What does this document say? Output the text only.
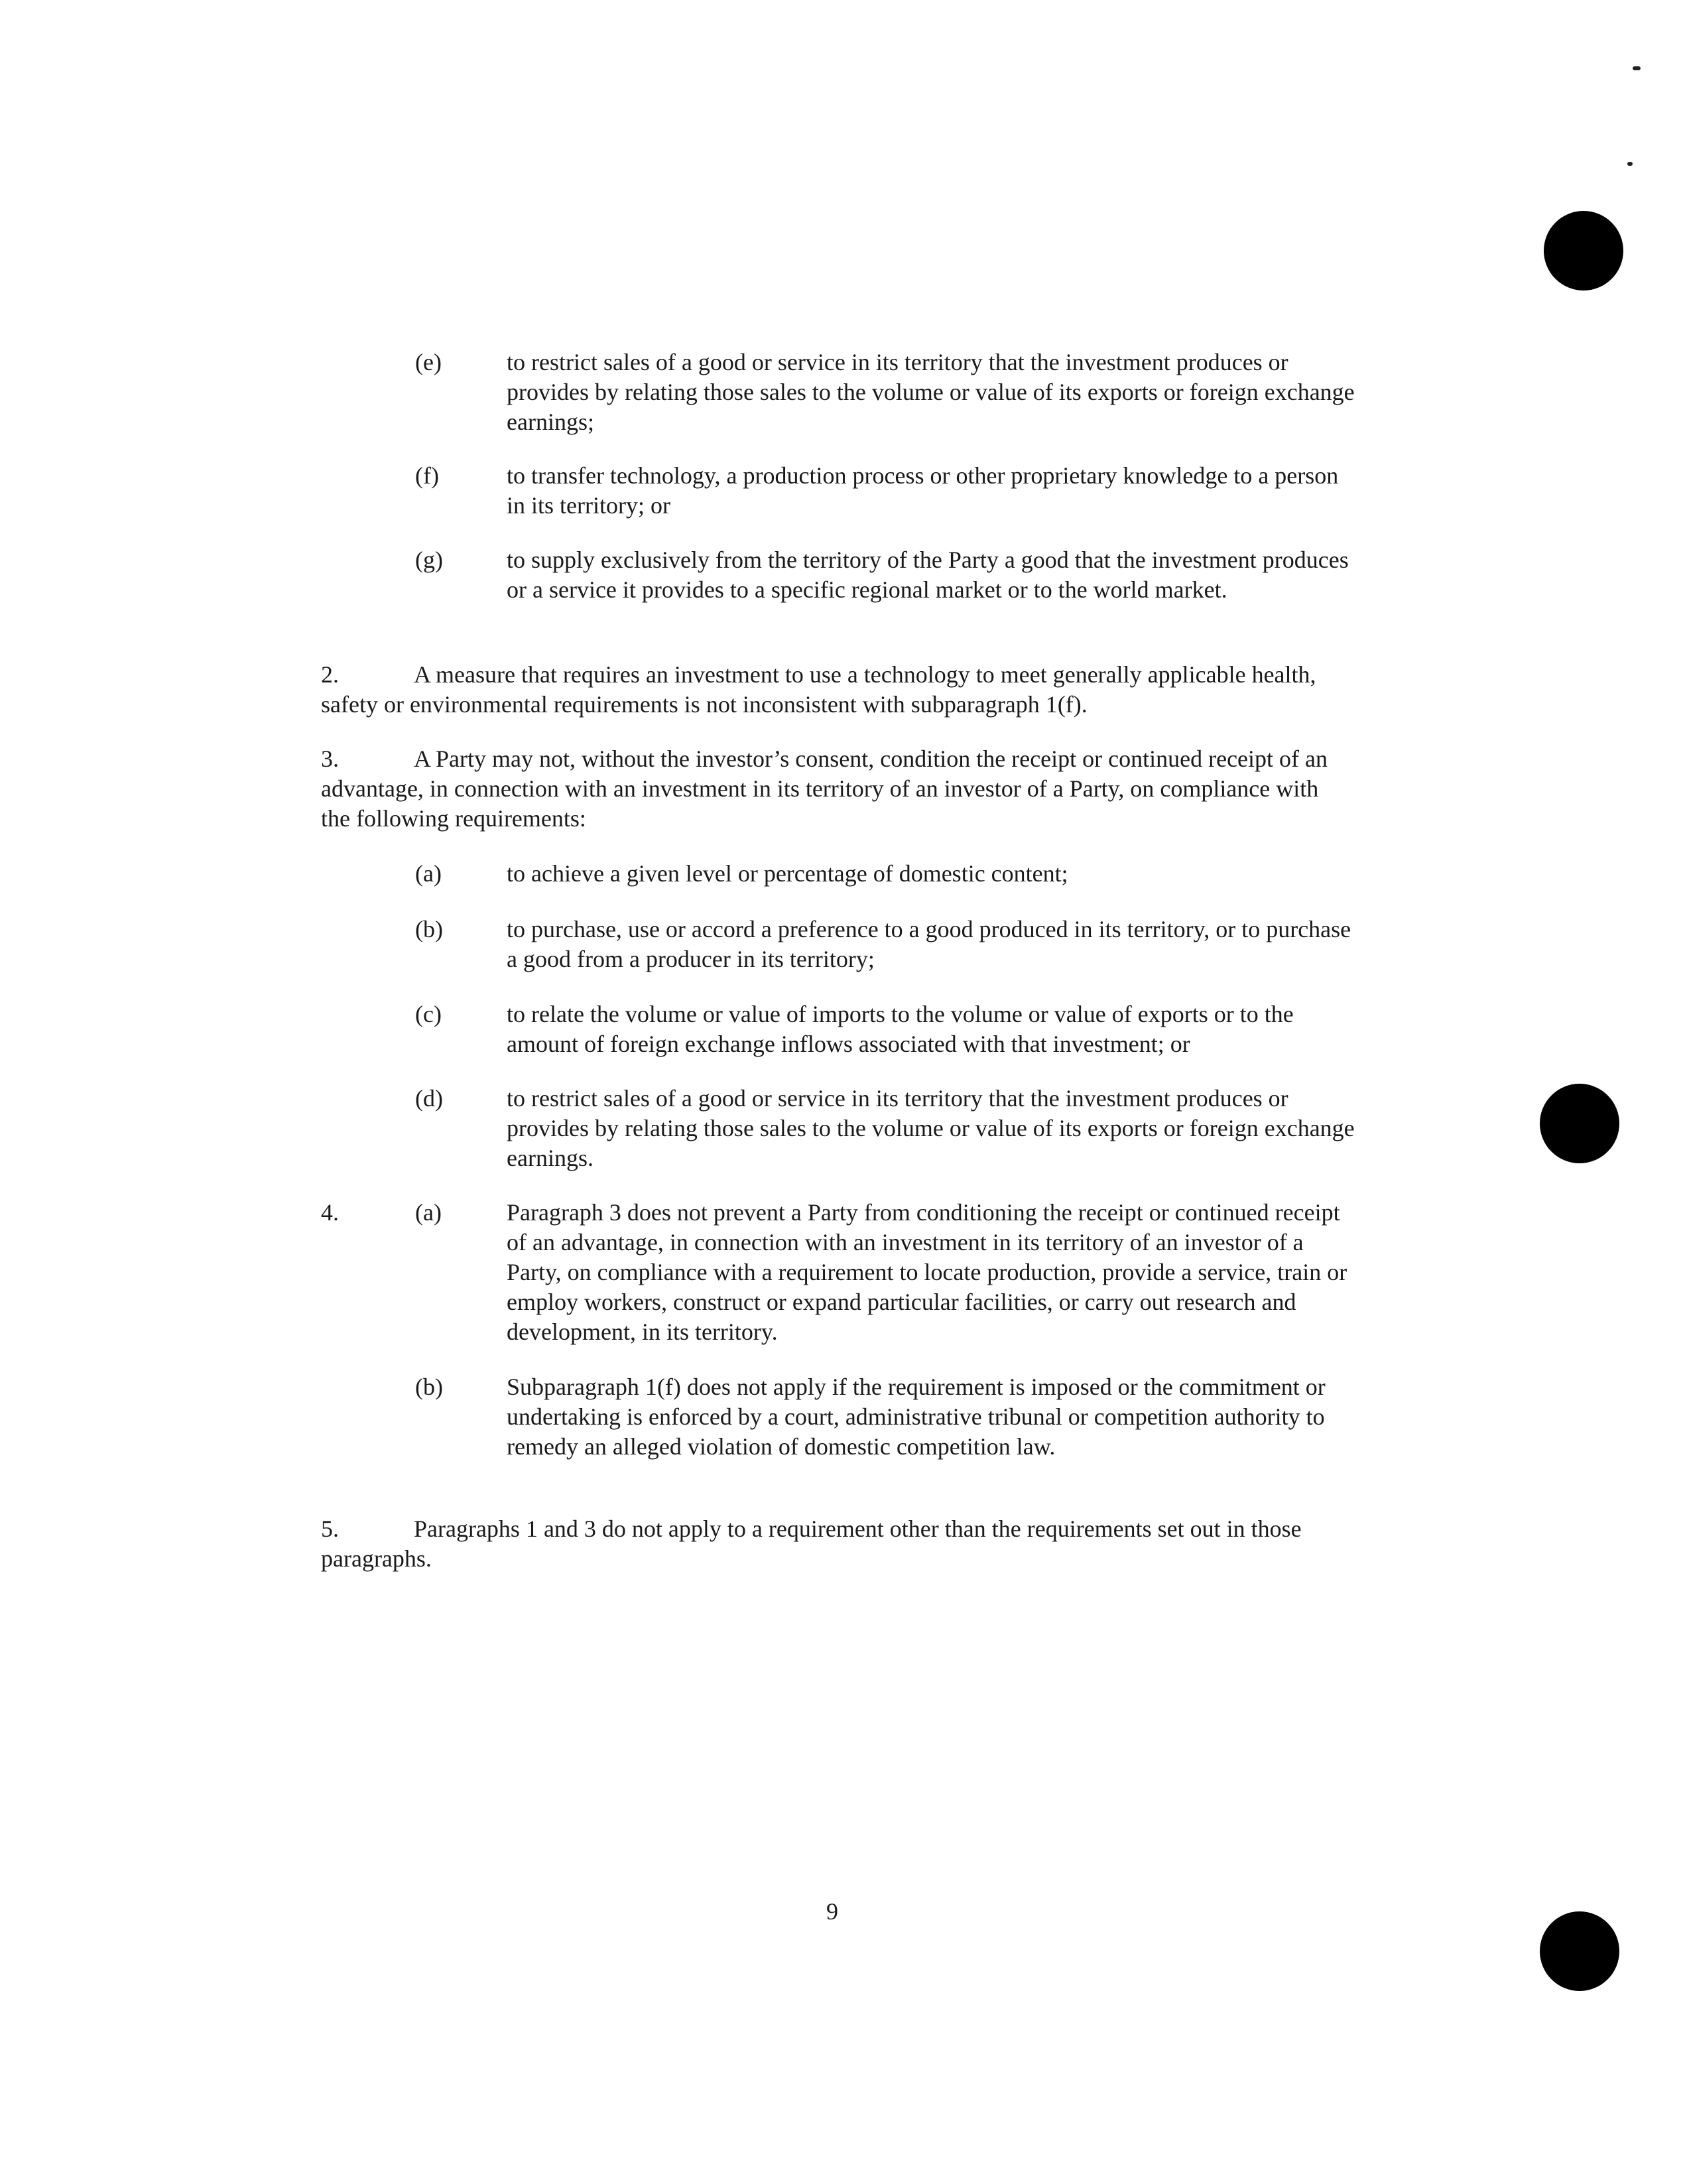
(e)	to restrict sales of a good or service in its territory that the investment produces or provides by relating those sales to the volume or value of its exports or foreign exchange earnings;
(f)	to transfer technology, a production process or other proprietary knowledge to a person in its territory; or
(g)	to supply exclusively from the territory of the Party a good that the investment produces or a service it provides to a specific regional market or to the world market.
2.	A measure that requires an investment to use a technology to meet generally applicable health, safety or environmental requirements is not inconsistent with subparagraph 1(f).
3.	A Party may not, without the investor’s consent, condition the receipt or continued receipt of an advantage, in connection with an investment in its territory of an investor of a Party, on compliance with the following requirements:
(a)	to achieve a given level or percentage of domestic content;
(b)	to purchase, use or accord a preference to a good produced in its territory, or to purchase a good from a producer in its territory;
(c)	to relate the volume or value of imports to the volume or value of exports or to the amount of foreign exchange inflows associated with that investment; or
(d)	to restrict sales of a good or service in its territory that the investment produces or provides by relating those sales to the volume or value of its exports or foreign exchange earnings.
4.	(a)	Paragraph 3 does not prevent a Party from conditioning the receipt or continued receipt of an advantage, in connection with an investment in its territory of an investor of a Party, on compliance with a requirement to locate production, provide a service, train or employ workers, construct or expand particular facilities, or carry out research and development, in its territory.
(b)	Subparagraph 1(f) does not apply if the requirement is imposed or the commitment or undertaking is enforced by a court, administrative tribunal or competition authority to remedy an alleged violation of domestic competition law.
5.	Paragraphs 1 and 3 do not apply to a requirement other than the requirements set out in those paragraphs.
9
